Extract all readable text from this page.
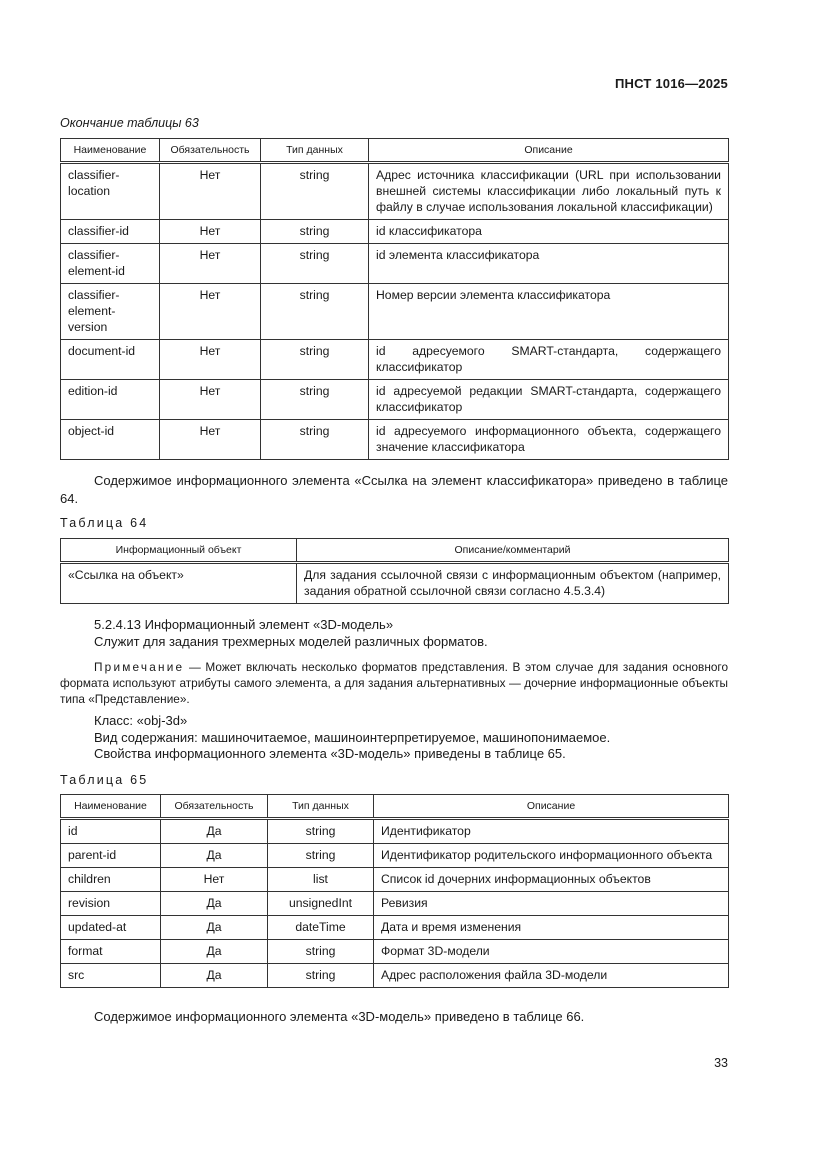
ПНСТ 1016—2025
Окончание таблицы 63
Наименование	Обязательность	Тип данных	Описание
classifier-location	Нет	string	Адрес источника классификации (URL при использовании внешней системы классификации либо локальный путь к файлу в случае использования локальной классификации)
classifier-id	Нет	string	id классификатора
classifier-element-id	Нет	string	id элемента классификатора
classifier-element-version	Нет	string	Номер версии элемента классификатора
document-id	Нет	string	id адресуемого SMART-стандарта, содержащего классификатор
edition-id	Нет	string	id адресуемой редакции SMART-стандарта, содержащего классификатор
object-id	Нет	string	id адресуемого информационного объекта, содержащего значение классификатора
Содержимое информационного элемента «Ссылка на элемент классификатора» приведено в таблице 64.
Таблица 64
Информационный объект	Описание/комментарий
«Ссылка на объект»	Для задания ссылочной связи с информационным объектом (например, задания обратной ссылочной связи согласно 4.5.3.4)
5.2.4.13 Информационный элемент «3D-модель»
Служит для задания трехмерных моделей различных форматов.
Примечание — Может включать несколько форматов представления. В этом случае для задания основного формата используют атрибуты самого элемента, а для задания альтернативных — дочерние информационные объекты типа «Представление».
Класс: «obj-3d»
Вид содержания: машиночитаемое, машиноинтерпретируемое, машинопонимаемое.
Свойства информационного элемента «3D-модель» приведены в таблице 65.
Таблица 65
Наименование	Обязательность	Тип данных	Описание
id	Да	string	Идентификатор
parent-id	Да	string	Идентификатор родительского информационного объекта
children	Нет	list	Список id дочерних информационных объектов
revision	Да	unsignedInt	Ревизия
updated-at	Да	dateTime	Дата и время изменения
format	Да	string	Формат 3D-модели
src	Да	string	Адрес расположения файла 3D-модели
Содержимое информационного элемента «3D-модель» приведено в таблице 66.
33
